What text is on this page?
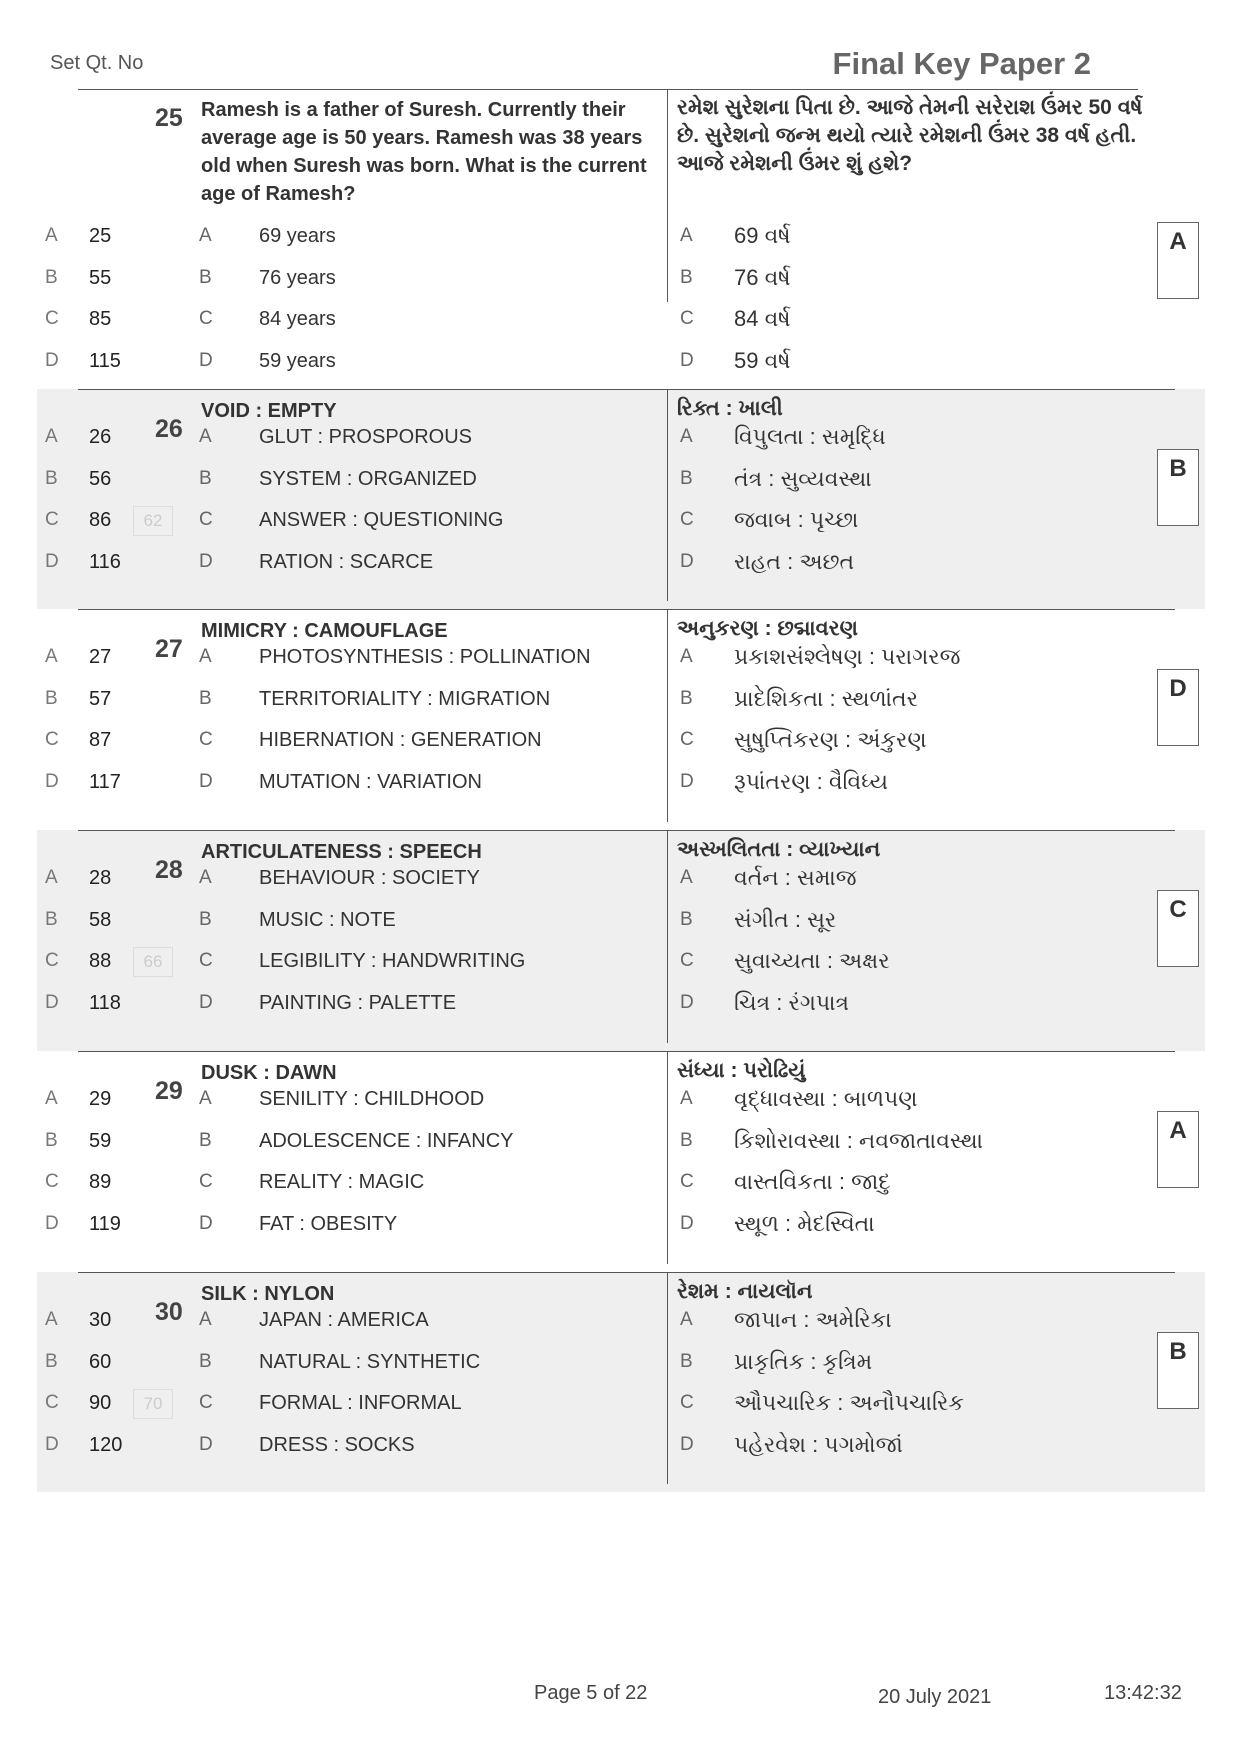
Set Qt. No	Final Key Paper 2
25 Ramesh is a father of Suresh. Currently their average age is 50 years. Ramesh was 38 years old when Suresh was born. What is the current age of Ramesh?
રમેશ સુરેશના પિતા છે. આજે તેમની સરેરાશ ઉંમર 50 વર્ષ છે. સુરેશનો જન્મ થયો ત્યારે રમેશની ઉંમર 38 વર્ષ હતી. આજે રમેશની ઉંમર શું હશે?
A 25	A 69 years	A 69 વર્ષ
B 55	B 76 years	B 76 વર્ષ
C 85	C 84 years	C 84 વર્ષ
D 115	D 59 years	D 59 વર્ષ
A
26
VOID : EMPTY	રિક્ત : ખાલી
62
A 26	A GLUT : PROSPOROUS	A વિપુલતા : સમૃદ્ધિ
B 56	B SYSTEM : ORGANIZED	B તંત્ર : સુવ્યવસ્થા
C 86	C ANSWER : QUESTIONING	C જવાબ : પૃચ્છા
D 116	D RATION : SCARCE	D રાહત : અછત
B
27
MIMICRY : CAMOUFLAGE	અનુકરણ : છદ્માવરણ
A 27	A PHOTOSYNTHESIS : POLLINATION	A પ્રકાશસંશ્લેષણ : પરાગરજ
B 57	B TERRITORIALITY : MIGRATION	B પ્રાદેશિકતા : સ્થળાંતર
C 87	C HIBERNATION : GENERATION	C સુષુપ્તિકરણ : અંકુરણ
D 117	D MUTATION : VARIATION	D રૂપાંતરણ : વૈવિધ્ય
D
28
ARTICULATENESS : SPEECH	અસ્ખલિતતા : વ્યાખ્યાન
66
A 28	A BEHAVIOUR : SOCIETY	A વર્તન : સમાજ
B 58	B MUSIC : NOTE	B સંગીત : સૂર
C 88	C LEGIBILITY : HANDWRITING	C સુવાચ્યતા : અક્ષર
D 118	D PAINTING : PALETTE	D ચિત્ર : રંગપાત્ર
C
29
DUSK : DAWN	સંધ્યા : પરોઢિયું
A 29	A SENILITY : CHILDHOOD	A વૃદ્ધાવસ્થા : બાળપણ
B 59	B ADOLESCENCE : INFANCY	B કિશોરાવસ્થા : નવજાતાવસ્થા
C 89	C REALITY : MAGIC	C વાસ્તવિકતા : જાદુ
D 119	D FAT : OBESITY	D સ્થૂળ : મેદસ્વિતા
A
30
SILK : NYLON	રેશમ : નાયલૉન
70
A 30	A JAPAN : AMERICA	A જાપાન : અમેરિકા
B 60	B NATURAL : SYNTHETIC	B પ્રાકૃતિક : કૃત્રિમ
C 90	C FORMAL : INFORMAL	C ઔપચારિક : અનૌપચારિક
D 120	D DRESS : SOCKS	D પહેરવેશ : પગમોજાં
B
Page 5 of 22	20 July 2021	13:42:32
